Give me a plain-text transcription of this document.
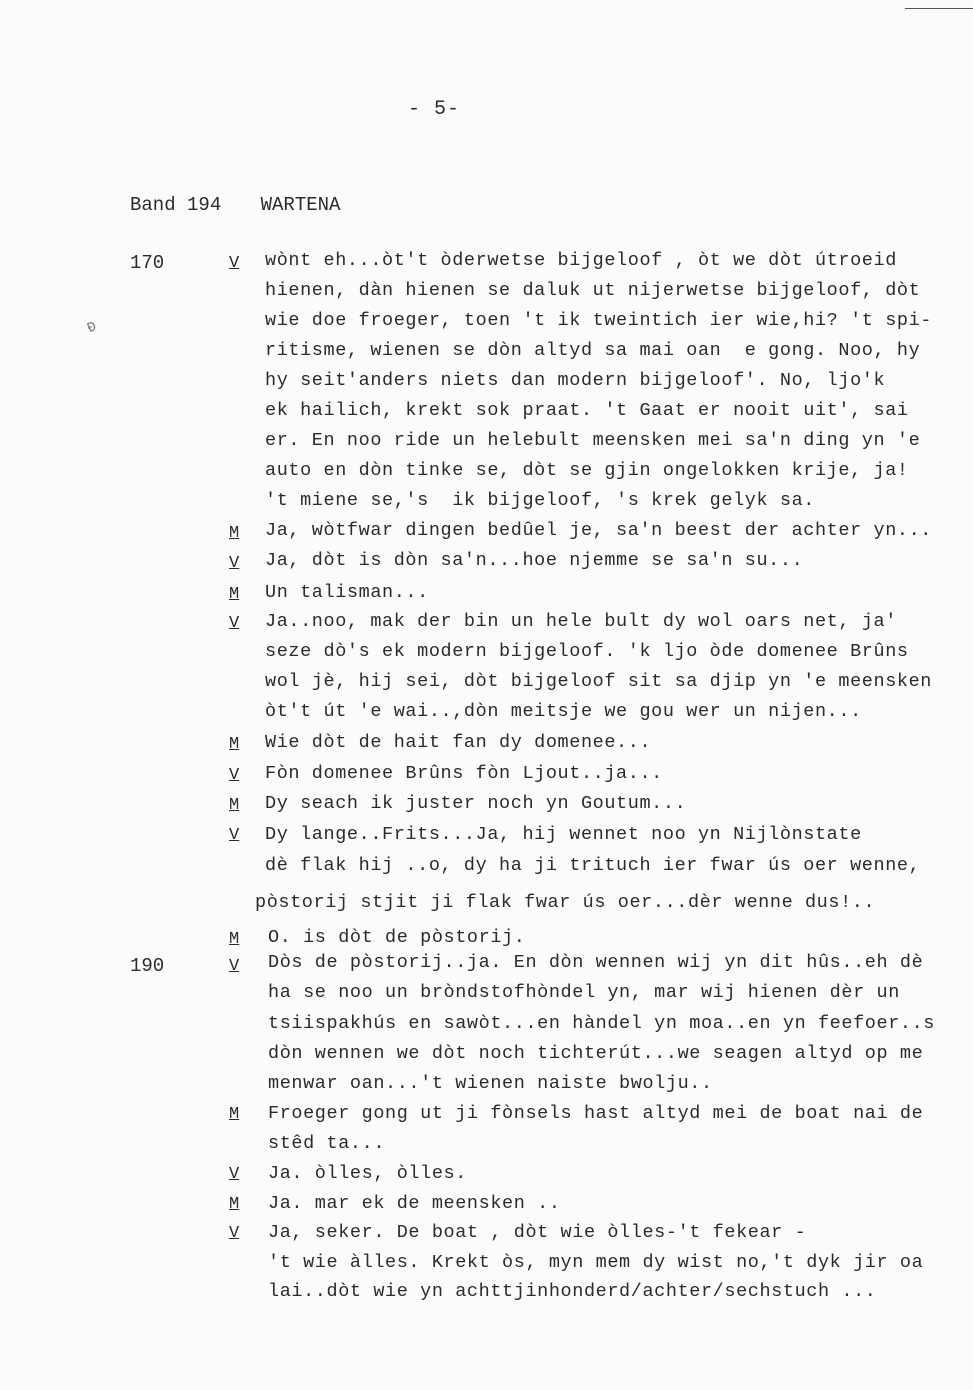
- 5-
Band 194 WARTENA
Ɖ
170
190
V
M
V
M
V
M
V
M
V
M
V
M
V
M
V
wònt eh...òt't òderwetse bijgeloof , òt we dòt útroeid
hienen, dàn hienen se daluk ut nijerwetse bijgeloof, dòt
wie doe froeger, toen 't ik tweintich ier wie,hi? 't spi-
ritisme, wienen se dòn altyd sa mai oan  e gong. Noo, hy
hy seit'anders niets dan modern bijgeloof'. No, ljo'k
ek hailich, krekt sok praat. 't Gaat er nooit uit', sai
er. En noo ride un helebult meensken mei sa'n ding yn 'e
auto en dòn tinke se, dòt se gjin ongelokken krije, ja!
't miene se,'s  ik bijgeloof, 's krek gelyk sa.
Ja, wòtfwar dingen bedûel je, sa'n beest der achter yn...
Ja, dòt is dòn sa'n...hoe njemme se sa'n su...
Un talisman...
Ja..noo, mak der bin un hele bult dy wol oars net, ja'
seze dò's ek modern bijgeloof. 'k ljo òde domenee Brûns
wol jè, hij sei, dòt bijgeloof sit sa djip yn 'e meensken
òt't út 'e wai..,dòn meitsje we gou wer un nijen...
Wie dòt de hait fan dy domenee...
Fòn domenee Brûns fòn Ljout..ja...
Dy seach ik juster noch yn Goutum...
Dy lange..Frits...Ja, hij wennet noo yn Nijlònstate
dè flak hij ..o, dy ha ji trituch ier fwar ús oer wenne,
pòstorij stjit ji flak fwar ús oer...dèr wenne dus!..
O. is dòt de pòstorij.
Dòs de pòstorij..ja. En dòn wennen wij yn dit hûs..eh dè
ha se noo un bròndstofhòndel yn, mar wij hienen dèr un
tsiispakhús en sawòt...en hàndel yn moa..en yn feefoer..s
dòn wennen we dòt noch tichterút...we seagen altyd op me
menwar oan...'t wienen naiste bwolju..
Froeger gong ut ji fònsels hast altyd mei de boat nai de
stêd ta...
Ja. òlles, òlles.
Ja. mar ek de meensken ..
Ja, seker. De boat , dòt wie òlles-'t fekear -
't wie àlles. Krekt òs, myn mem dy wist no,'t dyk jir oa
lai..dòt wie yn achttjinhonderd/achter/sechstuch ...
